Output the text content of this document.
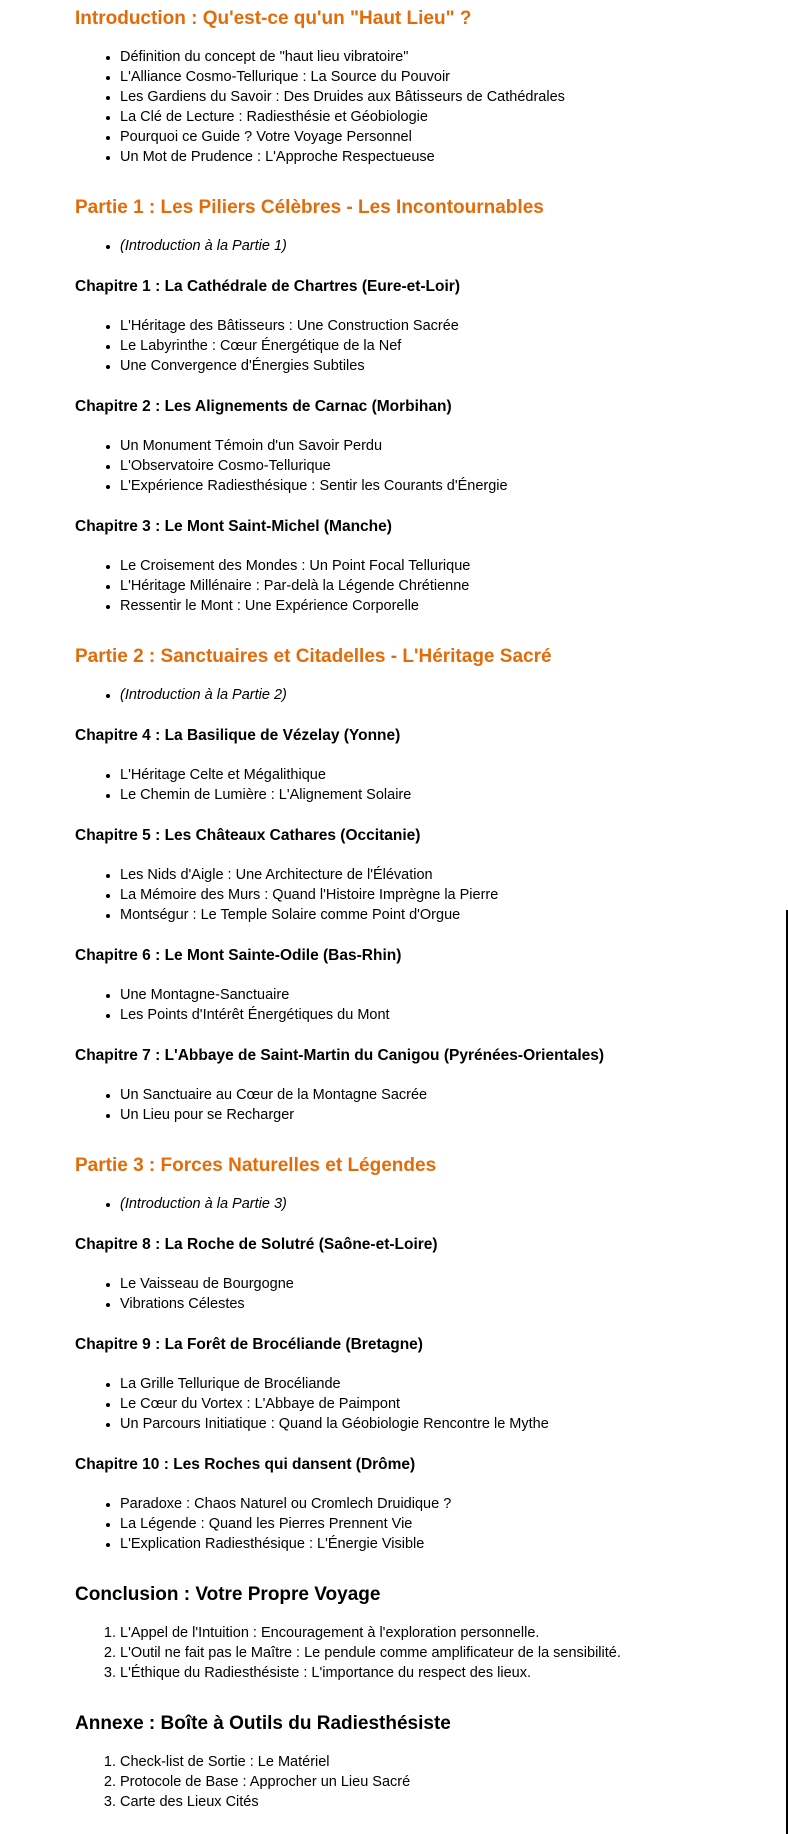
Introduction : Qu'est-ce qu'un "Haut Lieu" ?
• Définition du concept de "haut lieu vibratoire"
• L'Alliance Cosmo-Tellurique : La Source du Pouvoir
• Les Gardiens du Savoir : Des Druides aux Bâtisseurs de Cathédrales
• La Clé de Lecture : Radiesthésie et Géobiologie
• Pourquoi ce Guide ? Votre Voyage Personnel
• Un Mot de Prudence : L'Approche Respectueuse
Partie 1 : Les Piliers Célèbres - Les Incontournables
• (Introduction à la Partie 1)
Chapitre 1 : La Cathédrale de Chartres (Eure-et-Loir)
• L'Héritage des Bâtisseurs : Une Construction Sacrée
• Le Labyrinthe : Cœur Énergétique de la Nef
• Une Convergence d'Énergies Subtiles
Chapitre 2 : Les Alignements de Carnac (Morbihan)
• Un Monument Témoin d'un Savoir Perdu
• L'Observatoire Cosmo-Tellurique
• L'Expérience Radiesthésique : Sentir les Courants d'Énergie
Chapitre 3 : Le Mont Saint-Michel (Manche)
• Le Croisement des Mondes : Un Point Focal Tellurique
• L'Héritage Millénaire : Par-delà la Légende Chrétienne
• Ressentir le Mont : Une Expérience Corporelle
Partie 2 : Sanctuaires et Citadelles - L'Héritage Sacré
• (Introduction à la Partie 2)
Chapitre 4 : La Basilique de Vézelay (Yonne)
• L'Héritage Celte et Mégalithique
• Le Chemin de Lumière : L'Alignement Solaire
Chapitre 5 : Les Châteaux Cathares (Occitanie)
• Les Nids d'Aigle : Une Architecture de l'Élévation
• La Mémoire des Murs : Quand l'Histoire Imprègne la Pierre
• Montségur : Le Temple Solaire comme Point d'Orgue
Chapitre 6 : Le Mont Sainte-Odile (Bas-Rhin)
• Une Montagne-Sanctuaire
• Les Points d'Intérêt Énergétiques du Mont
Chapitre 7 : L'Abbaye de Saint-Martin du Canigou (Pyrénées-Orientales)
• Un Sanctuaire au Cœur de la Montagne Sacrée
• Un Lieu pour se Recharger
Partie 3 : Forces Naturelles et Légendes
• (Introduction à la Partie 3)
Chapitre 8 : La Roche de Solutré (Saône-et-Loire)
• Le Vaisseau de Bourgogne
• Vibrations Célestes
Chapitre 9 : La Forêt de Brocéliande (Bretagne)
• La Grille Tellurique de Brocéliande
• Le Cœur du Vortex : L'Abbaye de Paimpont
• Un Parcours Initiatique : Quand la Géobiologie Rencontre le Mythe
Chapitre 10 : Les Roches qui dansent (Drôme)
• Paradoxe : Chaos Naturel ou Cromlech Druidique ?
• La Légende : Quand les Pierres Prennent Vie
• L'Explication Radiesthésique : L'Énergie Visible
Conclusion : Votre Propre Voyage
1. L'Appel de l'Intuition : Encouragement à l'exploration personnelle.
2. L'Outil ne fait pas le Maître : Le pendule comme amplificateur de la sensibilité.
3. L'Éthique du Radiesthésiste : L'importance du respect des lieux.
Annexe : Boîte à Outils du Radiesthésiste
1. Check-list de Sortie : Le Matériel
2. Protocole de Base : Approcher un Lieu Sacré
3. Carte des Lieux Cités
